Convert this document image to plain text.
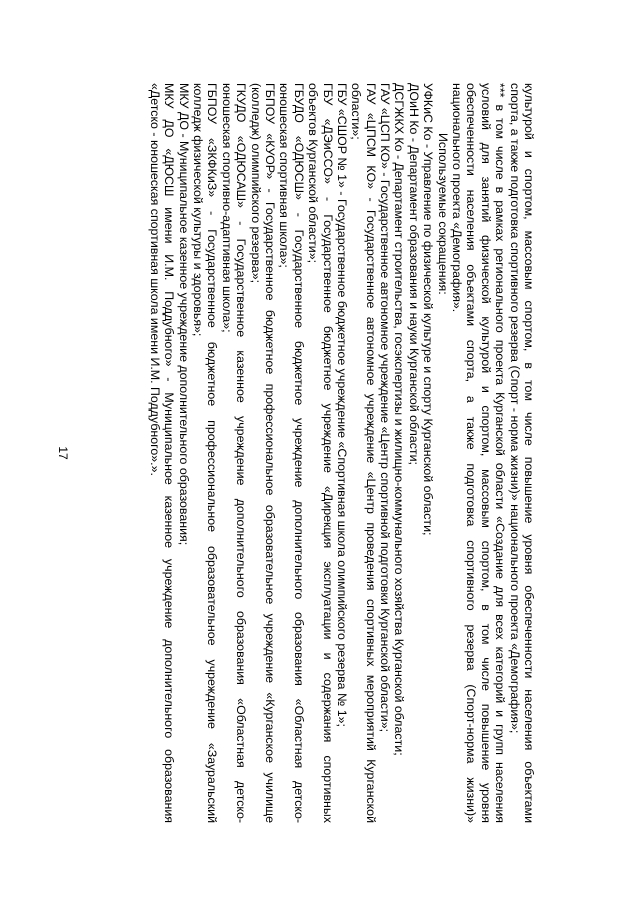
17	культурой и спортом, массовым спортом, в том числе повышение уровня обеспеченности населения объектами
спорта, а также подготовка спортивного резерва (Спорт - норма жизни)» национального проекта «Демография»;
*** в том числе в рамках регионального проекта Курганской области «Создание для всех категорий и групп населения
условий для занятий физической культурой и спортом, массовым спортом, в том числе повышение уровня
обеспеченности населения объектами спорта, а также подготовка спортивного резерва (Спорт-норма жизни)»
национального проекта «Демография».
Используемые сокращения:
УФКиС Ко - Управление по физической культуре и спорту Курганской области;
ДОиН Ко - Департамент образования и науки Курганской области;
ДСГЖКХ Ко - Департамент строительства, госэкспертизы и жилищно-коммунального хозяйства Курганской области;
ГАУ «ЦСП КО» - Государственное автономное учреждение «Центр спортивной подготовки Курганской области»;
ГАУ «ЦПСМ КО» - Государственное автономное учреждение «Центр проведения спортивных мероприятий Курганской
области»;
ГБУ «СШОР № 1» - Государственное бюджетное учреждение «Спортивная школа олимпийского резерва № 1»;
ГБУ «ДЭиССО» - Государственное бюджетное учреждение «Дирекция эксплуатации и содержания спортивных
объектов Курганской области»;
ГБУДО «ОДЮСШ» - Государственное бюджетное учреждение дополнительного образования «Областная детско-
юношеская спортивная школа»;
ГБПОУ «КУОР» - Государственное бюджетное профессиональное образовательное учреждение «Курганское училище
(колледж) олимпийского резерва»;
ГКУДО «ОДЮСАШ» - Государственное казенное учреждение дополнительного образования «Областная детско-
юношеская спортивно-адаптивная школа»;
ГБПОУ «ЗКФКиЗ» - Государственное бюджетное профессиональное образовательное учреждение «Зауральский
колледж физической культуры и здоровья»;
МКУ ДО - Муниципальное казенное учреждение дополнительного образования;
МКУ ДО «ДЮСШ имени И.М. Поддубного» - Муниципальное казенное учреждение дополнительного образования
«Детско - юношеская спортивная школа имени И.М. Поддубного».».
